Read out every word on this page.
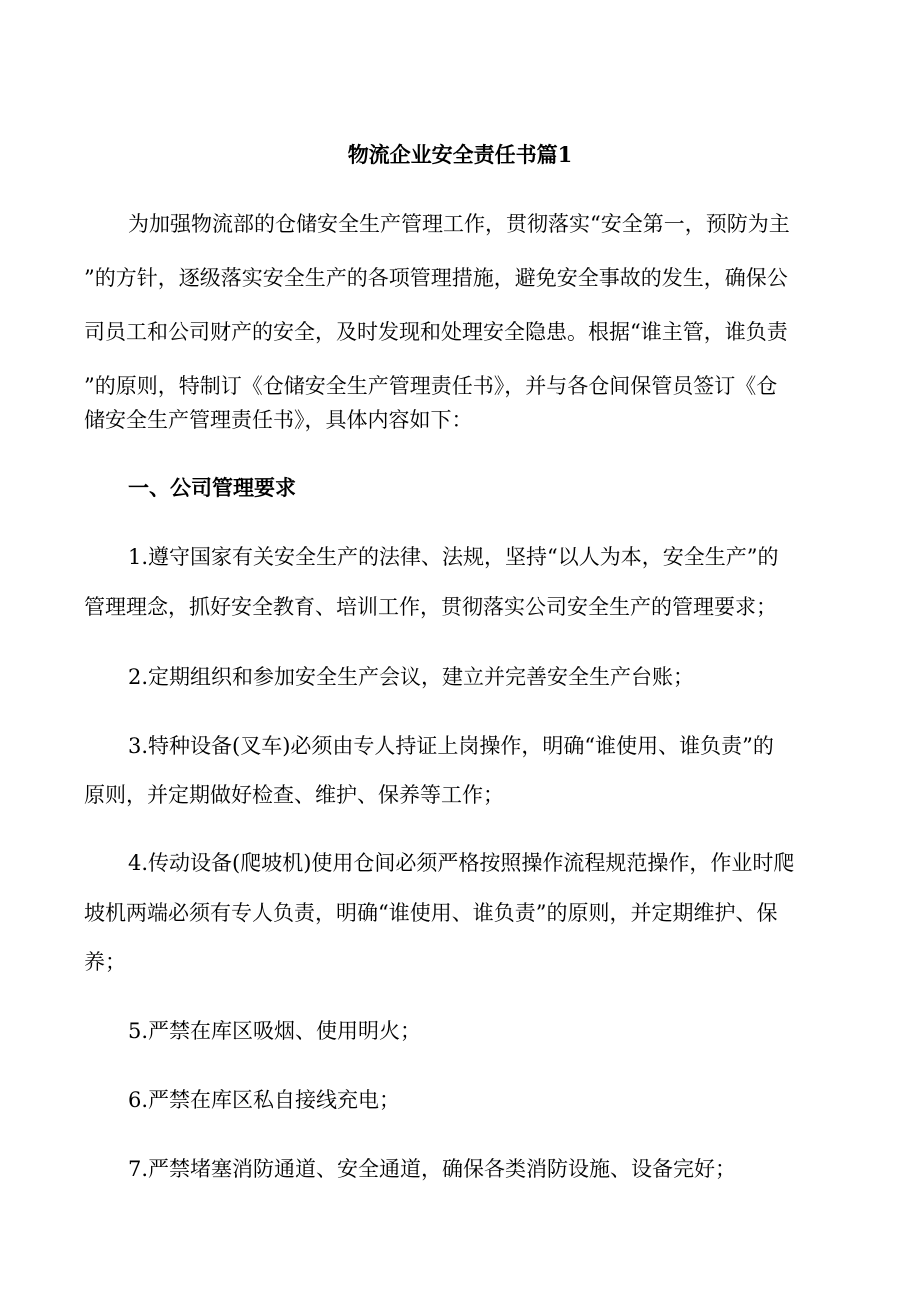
物流企业安全责任书篇1
为加强物流部的仓储安全生产管理工作，贯彻落实“安全第一，预防为主
”的方针，逐级落实安全生产的各项管理措施，避免安全事故的发生，确保公
司员工和公司财产的安全，及时发现和处理安全隐患。根据“谁主管，谁负责
”的原则，特制订《仓储安全生产管理责任书》，并与各仓间保管员签订《仓
储安全生产管理责任书》，具体内容如下：
一、公司管理要求
1.遵守国家有关安全生产的法律、法规，坚持“以人为本，安全生产”的
管理理念，抓好安全教育、培训工作，贯彻落实公司安全生产的管理要求；
2.定期组织和参加安全生产会议，建立并完善安全生产台账；
3.特种设备(叉车)必须由专人持证上岗操作，明确“谁使用、谁负责”的
原则，并定期做好检查、维护、保养等工作；
4.传动设备(爬坡机)使用仓间必须严格按照操作流程规范操作，作业时爬
坡机两端必须有专人负责，明确“谁使用、谁负责”的原则，并定期维护、保
养；
5.严禁在库区吸烟、使用明火；
6.严禁在库区私自接线充电；
7.严禁堵塞消防通道、安全通道，确保各类消防设施、设备完好；
